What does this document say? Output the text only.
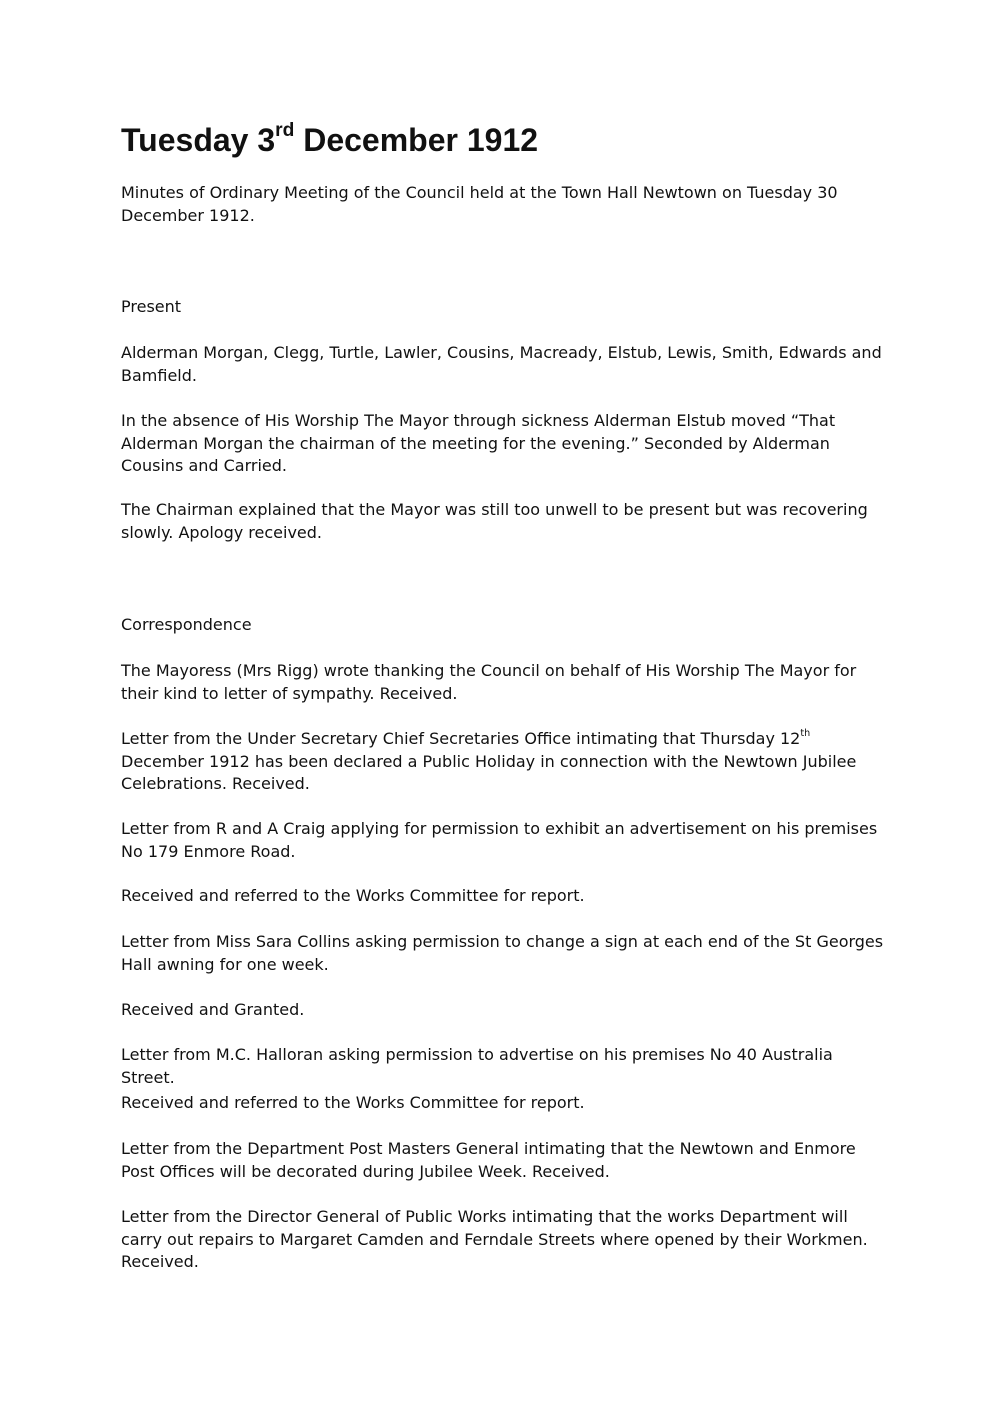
Tuesday 3rd December 1912

Minutes of Ordinary Meeting of the Council held at the Town Hall Newtown on Tuesday 30 December 1912.

Present

Alderman Morgan, Clegg, Turtle, Lawler, Cousins, Macready, Elstub, Lewis, Smith, Edwards and Bamfield.

In the absence of His Worship The Mayor through sickness Alderman Elstub moved “That Alderman Morgan the chairman of the meeting for the evening.” Seconded by Alderman Cousins and Carried.

The Chairman explained that the Mayor was still too unwell to be present but was recovering slowly. Apology received.

Correspondence

The Mayoress (Mrs Rigg) wrote thanking the Council on behalf of His Worship The Mayor for their kind to letter of sympathy. Received.

Letter from the Under Secretary Chief Secretaries Office intimating that Thursday 12th December 1912 has been declared a Public Holiday in connection with the Newtown Jubilee Celebrations. Received.

Letter from R and A Craig applying for permission to exhibit an advertisement on his premises No 179 Enmore Road.

Received and referred to the Works Committee for report.

Letter from Miss Sara Collins asking permission to change a sign at each end of the St Georges Hall awning for one week.

Received and Granted.

Letter from M.C. Halloran asking permission to advertise on his premises No 40 Australia Street.

Received and referred to the Works Committee for report.

Letter from the Department Post Masters General intimating that the Newtown and Enmore Post Offices will be decorated during Jubilee Week. Received.

Letter from the Director General of Public Works intimating that the works Department will carry out repairs to Margaret Camden and Ferndale Streets where opened by their Workmen. Received.
